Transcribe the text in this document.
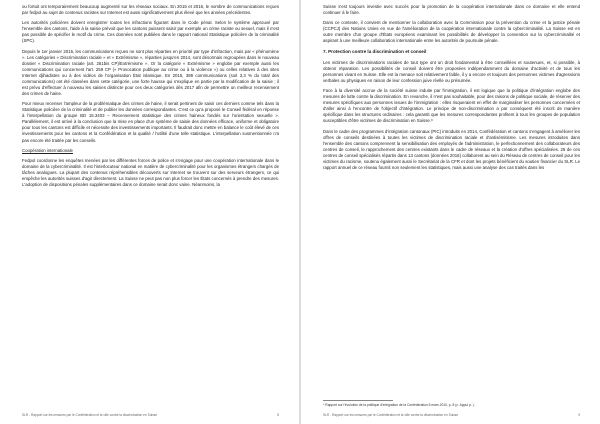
ou fortuit ont temporairement beaucoup augmenté sur les réseaux sociaux. En 2015 et 2016, le nombre de communications reçues par fedpol au sujet de contenus racistes sur Internet est aussi significativement plus élevé que les années précédentes.

Les autorités policières doivent enregistrer toutes les infractions figurant dans le Code pénal. Selon le système approuvé par l'ensemble des cantons, l'aide à la saisie prévoit que les cantons puissent saisir par exemple un crime raciste ou sexuel, mais il n'est pas possible de spécifier le motif du crime. Ces données sont publiées dans le rapport national Statistique policière de la criminalité (SPC).

Depuis le 1er janvier 2015, les communications reçues ne sont plus réparties en priorité par type d'infraction, mais par « phénomène ». Les catégories « Discrimination raciale » et « Extrémisme », réparties jusqu'en 2014, sont désormais regroupées dans le nouveau dossier « Discrimination raciale (art. 261bis CP)/Extrémisme ». Or la catégorie « Extrémisme » englobe par exemple aussi les communications qui concernent l'art. 259 CP (« Provocation publique au crime ou à la violence ») ou celles relatives à des sites Internet djihadistes ou à des vidéos de l'organisation État islamique. En 2015, 389 communications (soit 3,3 % du total des communications) ont été classées dans cette catégorie, une forte hausse qui s'explique en partie par la modification de la saisie ; il est prévu d'effectuer à nouveau les saisies distincte pour ces deux catégories dès 2017 afin de permettre un meilleur recensement des crimes de haine.

Pour mieux recenser l'ampleur de la problématique des crimes de haine, il serait pertinent de saisir ces derniers comme tels dans la Statistique policière de la criminalité et de publier les données correspondantes. C'est ce qu'a proposé le Conseil fédéral en réponse à l'interpellation du groupe BD 15.3403 – Recensement statistique des crimes haineux fondés sur l'orientation sexuelle ». Parallèlement, il est arrivé à la conclusion que la mise en place d'un système de saisie des données efficace, uniforme et obligatoire pour tous les cantons est difficile et nécessite des investissements importants. Il faudrait donc mettre en balance le coût élevé de ces investissements pour les cantons et la Confédération et la qualité / l'utilité d'une telle statistique. L'interpellation susmentionnée n'a pas encore été traitée par les conseils.

Coopération internationale

Fedpol coordonne les enquêtes menées par les différentes forces de police et s'engage pour une coopération internationale dans le domaine de la cybercriminalité. Il est l'interlocuteur national en matière de cybercriminalité pour les organismes étrangers chargés de tâches analogues. La plupart des contenus répréhensibles découverts sur Internet se trouvent sur des serveurs étrangers, ce qui empêche les autorités suisses d'agir directement. La Suisse ne peut pas non plus forcer les États concernés à prendre des mesures. L'adoption de dispositions pénales supplémentaires dans ce domaine serait donc vaine. Néanmoins, la

SLR - Rapport sur les mesures par le Confédération et la ville contre la discrimination en Suisse	8

Suisse s'est toujours investie avec succès pour la promotion de la coopération internationale dans ce domaine et elle entend continuer à le faire.

Dans ce contexte, il convient de mentionner la collaboration avec la Commission pour la prévention du crime et la justice pénale (CCPCJ) des Nations Unies en vue de l'amélioration de la coopération internationale contre la cybercriminalité. La Suisse est en outre membre d'un groupe d'États européens examinant les possibilités de développer la convention sur la cybercriminalité et aspirant à une meilleure collaboration internationale entre les autorités de poursuite pénale.

7. Protection contre la discrimination et conseil

Les victimes de discriminations raciales de tout type ont un droit fondamental à être conseillées et soutenues, et, si possible, à obtenir réparation. Les possibilités de conseil doivent être proposées indépendamment du domaine d'activité et de tous les personnes vivant en Suisse. Elle est la menace soit relativement faible, il y a encore et toujours des personnes victimes d'agressions verbales ou physiques en raison de leur confession juive réelle ou présumée.

Face à la diversité accrue de la société suisse induite par l'immigration, il est logique que la politique d'intégration englobe des mesures de lutte contre la discrimination. En revanche, il n'est pas souhaitable, pour des raisons de politique sociale, de réserver des mesures spécifiques aux personnes issues de l'immigration : elles risqueraient en effet de marginaliser les personnes concernées et d'aller ainsi à l'encontre de l'objectif d'intégration. Le principe de non-discrimination a par conséquent été inscrit de manière spécifique dans les structures ordinaires : cela garantit que les mesures correspondantes profitent à tous les groupes de population susceptibles d'être victimes de discrimination en Suisse.⁸

Dans le cadre des programmes d'intégration cantonaux (PIC) introduits en 2014, Confédération et cantons s'engagent à améliorer les offres de conseils destinées à toutes les victimes de discrimination raciale et d'antisémitisme. Les mesures introduites dans l'ensemble des cantons comprennent la sensibilisation des employés de l'administration, le perfectionnement des collaborateurs des centres de conseil, le rapprochement des centres existants dans le cadre de réseaux et la création d'offres spécialisées. 25 de ces centres de conseil spécialisés répartis dans 13 cantons (données 2016) collaborent au sein du Réseau de centres de conseil pour les victimes du racisme, soutenu également aussi le Secrétariat de la CFR et dont les projets bénéficient du soutien financier du SLR. Le rapport annuel de ce réseau fournit non seulement les statistiques, mais aussi une analyse des cas traités dans les

⁸ Rapport sur l'évolution de la politique d'intégration de la Confédération 5 mars 2010, p. 8 (c. Appui p. ).
SLR - Rapport sur les mesures par le Confédération et la ville contre la discrimination en Suisse	9
